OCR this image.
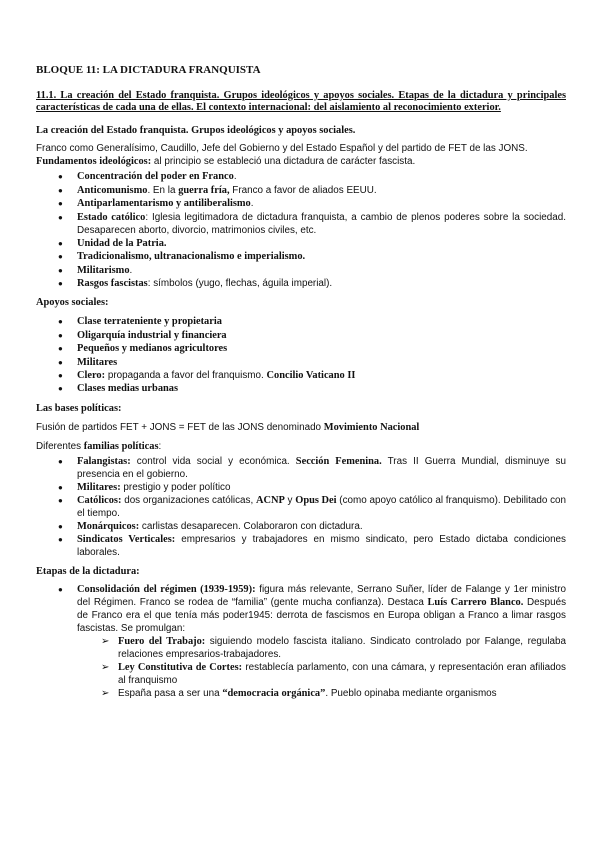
BLOQUE 11: LA DICTADURA FRANQUISTA

11.1. La creación del Estado franquista. Grupos ideológicos y apoyos sociales. Etapas de la dictadura y principales características de cada una de ellas. El contexto internacional: del aislamiento al reconocimiento exterior.

La creación del Estado franquista. Grupos ideológicos y apoyos sociales.

Franco como Generalísimo, Caudillo, Jefe del Gobierno y del Estado Español y del partido de FET de las JONS.

Fundamentos ideológicos: al principio se estableció una dictadura de carácter fascista.

● Concentración del poder en Franco.
● Anticomunismo. En la guerra fría, Franco a favor de aliados EEUU.
● Antiparlamentarismo y antiliberalismo.
● Estado católico: Iglesia legitimadora de dictadura franquista, a cambio de plenos poderes sobre la sociedad. Desaparecen aborto, divorcio, matrimonios civiles, etc.
● Unidad de la Patria.
● Tradicionalismo, ultranacionalismo e imperialismo.
● Militarismo.
● Rasgos fascistas: símbolos (yugo, flechas, águila imperial).

Apoyos sociales:

● Clase terrateniente y propietaria
● Oligarquía industrial y financiera
● Pequeños y medianos agricultores
● Militares
● Clero: propaganda a favor del franquismo. Concilio Vaticano II
● Clases medias urbanas

Las bases políticas:

Fusión de partidos FET + JONS = FET de las JONS denominado Movimiento Nacional

Diferentes familias políticas:

● Falangistas: control vida social y económica. Sección Femenina. Tras II Guerra Mundial, disminuye su presencia en el gobierno.
● Militares: prestigio y poder político
● Católicos: dos organizaciones católicas, ACNP y Opus Dei (como apoyo católico al franquismo). Debilitado con el tiempo.
● Monárquicos: carlistas desaparecen. Colaboraron con dictadura.
● Sindicatos Verticales: empresarios y trabajadores en mismo sindicato, pero Estado dictaba condiciones laborales.

Etapas de la dictadura:

● Consolidación del régimen (1939-1959): figura más relevante, Serrano Suñer, líder de Falange y 1er ministro del Régimen. Franco se rodea de “familia” (gente mucha confianza). Destaca Luís Carrero Blanco. Después de Franco era el que tenía más poder1945: derrota de fascismos en Europa obligan a Franco a limar rasgos fascistas. Se promulgan:
➢ Fuero del Trabajo: siguiendo modelo fascista italiano. Sindicato controlado por Falange, regulaba relaciones empresarios-trabajadores.
➢ Ley Constitutiva de Cortes: restablecía parlamento, con una cámara, y representación eran afiliados al franquismo
➢ España pasa a ser una “democracia orgánica”. Pueblo opinaba mediante organismos
